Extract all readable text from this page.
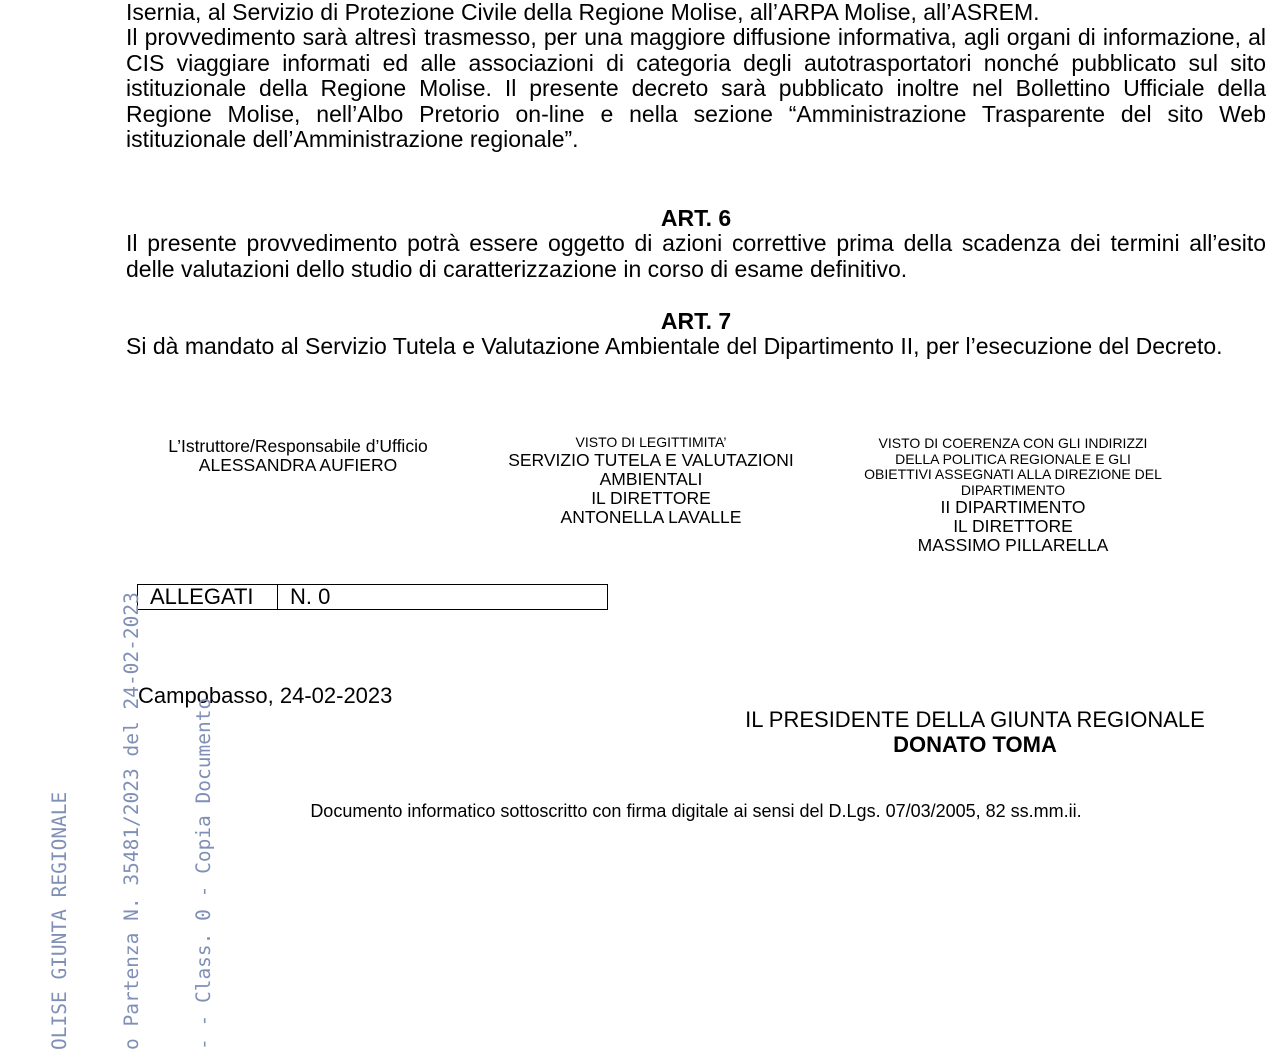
Isernia, al Servizio di Protezione Civile della Regione Molise, all’ARPA Molise, all’ASREM.

Il provvedimento sarà altresì trasmesso, per una maggiore diffusione informativa, agli organi di informazione, al CIS viaggiare informati ed alle associazioni di categoria degli autotrasportatori nonché pubblicato sul sito istituzionale della Regione Molise. Il presente decreto sarà pubblicato inoltre nel Bollettino Ufficiale della Regione Molise, nell’Albo Pretorio on-line e nella sezione “Amministrazione Trasparente del sito Web istituzionale dell’Amministrazione regionale”.

ART. 6

Il presente provvedimento potrà essere oggetto di azioni correttive prima della scadenza dei termini all’esito delle valutazioni dello studio di caratterizzazione in corso di esame definitivo.

ART. 7

Si dà mandato al Servizio Tutela e Valutazione Ambientale del Dipartimento II, per l’esecuzione del Decreto.

L’Istruttore/Responsabile d’Ufficio
ALESSANDRA AUFIERO
VISTO DI LEGITTIMITA’
SERVIZIO TUTELA E VALUTAZIONI
AMBIENTALI
IL DIRETTORE
ANTONELLA LAVALLE
VISTO DI COERENZA CON GLI INDIRIZZI
DELLA POLITICA REGIONALE E GLI
OBIETTIVI ASSEGNATI ALLA DIREZIONE DEL
DIPARTIMENTO
II DIPARTIMENTO
IL DIRETTORE
MASSIMO PILLARELLA
ALLEGATI	N. 0
Campobasso, 24-02-2023
IL PRESIDENTE DELLA GIUNTA REGIONALE
DONATO TOMA
Documento informatico sottoscritto con firma digitale ai sensi del D.Lgs. 07/03/2005, 82 ss.mm.ii.

OLISE GIUNTA REGIONALE

	o Partenza N. 35481/2023 del 24-02-2023

	- - Class. 0 - Copia Documento
